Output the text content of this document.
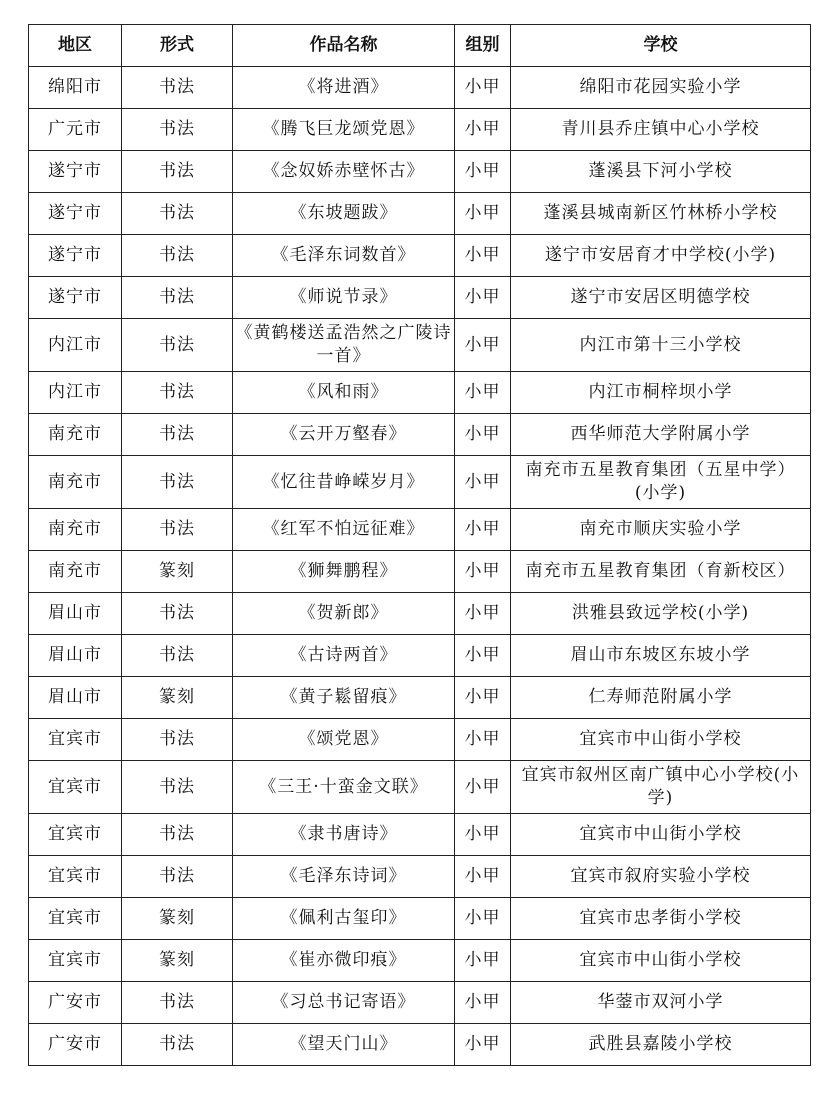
地区	形式	作品名称	组别	学校
绵阳市	书法	《将进酒》	小甲	绵阳市花园实验小学
广元市	书法	《腾飞巨龙颂党恩》	小甲	青川县乔庄镇中心小学校
遂宁市	书法	《念奴娇赤壁怀古》	小甲	蓬溪县下河小学校
遂宁市	书法	《东坡题跋》	小甲	蓬溪县城南新区竹林桥小学校
遂宁市	书法	《毛泽东词数首》	小甲	遂宁市安居育才中学校(小学)
遂宁市	书法	《师说节录》	小甲	遂宁市安居区明德学校
内江市	书法	《黄鹤楼送孟浩然之广陵诗一首》	小甲	内江市第十三小学校
内江市	书法	《风和雨》	小甲	内江市桐梓坝小学
南充市	书法	《云开万壑春》	小甲	西华师范大学附属小学
南充市	书法	《忆往昔峥嵘岁月》	小甲	南充市五星教育集团（五星中学）(小学)
南充市	书法	《红军不怕远征难》	小甲	南充市顺庆实验小学
南充市	篆刻	《狮舞鹏程》	小甲	南充市五星教育集团（育新校区）
眉山市	书法	《贺新郎》	小甲	洪雅县致远学校(小学)
眉山市	书法	《古诗两首》	小甲	眉山市东坡区东坡小学
眉山市	篆刻	《黄子鬆留痕》	小甲	仁寿师范附属小学
宜宾市	书法	《颂党恩》	小甲	宜宾市中山街小学校
宜宾市	书法	《三王·十蛮金文联》	小甲	宜宾市叙州区南广镇中心小学校(小学)
宜宾市	书法	《隶书唐诗》	小甲	宜宾市中山街小学校
宜宾市	书法	《毛泽东诗词》	小甲	宜宾市叙府实验小学校
宜宾市	篆刻	《佩利古玺印》	小甲	宜宾市忠孝街小学校
宜宾市	篆刻	《崔亦微印痕》	小甲	宜宾市中山街小学校
广安市	书法	《习总书记寄语》	小甲	华蓥市双河小学
广安市	书法	《望天门山》	小甲	武胜县嘉陵小学校
